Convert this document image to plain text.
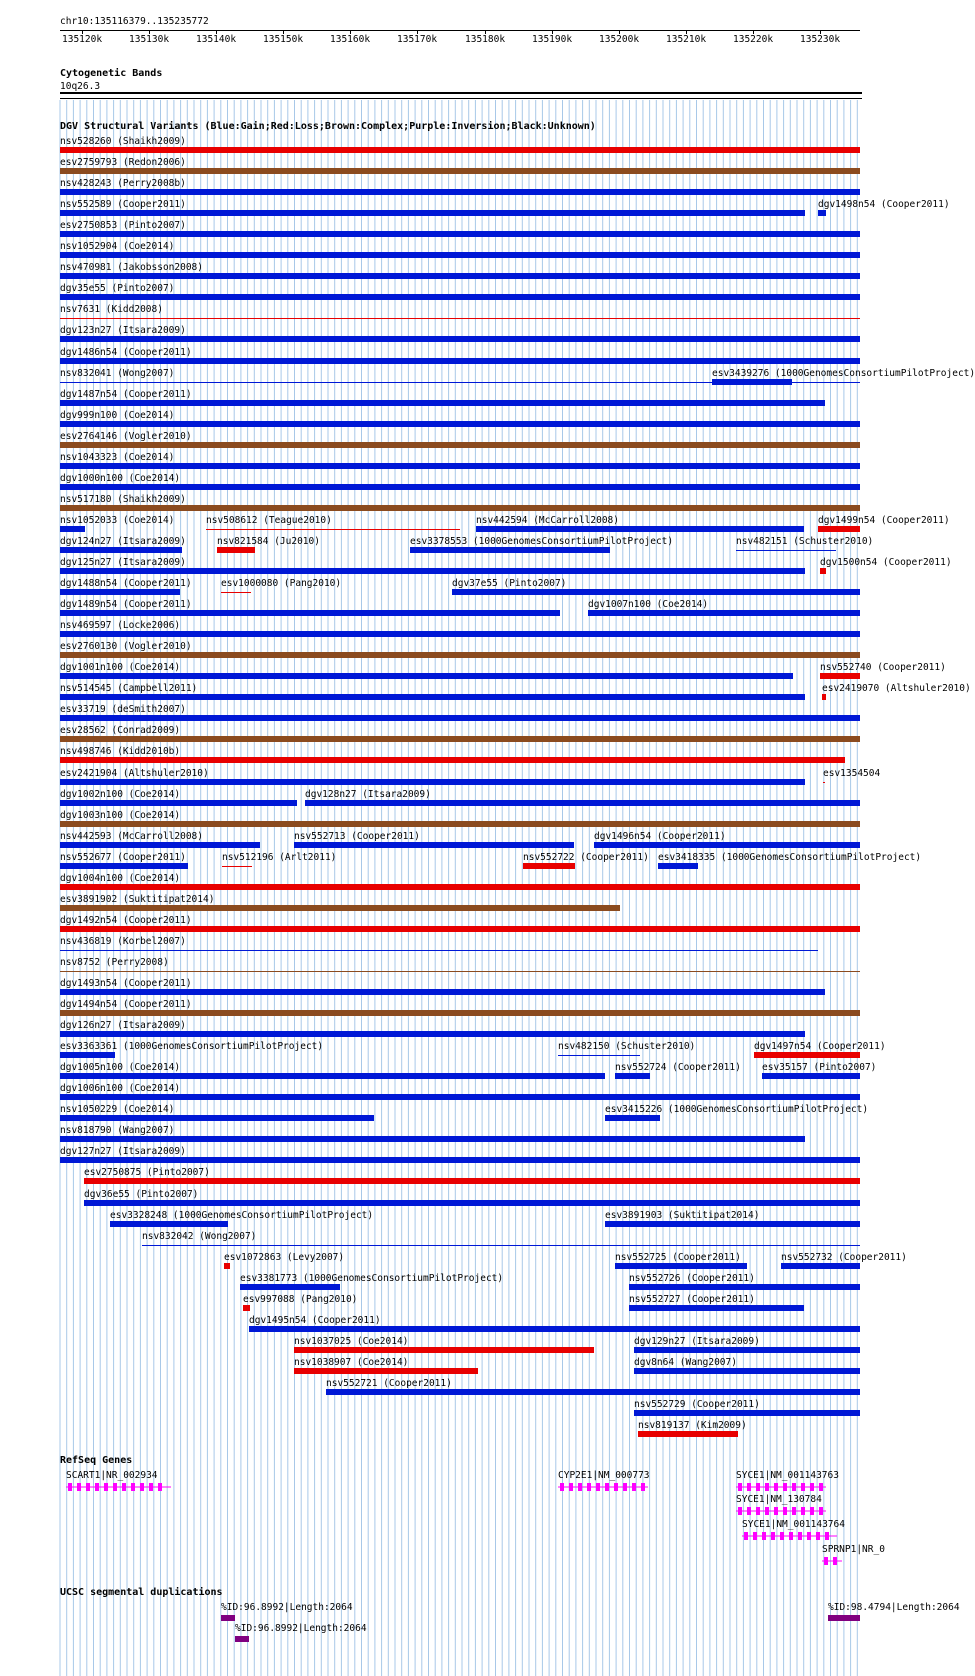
chr10:135116379..135235772
135120k	135130k	135140k	135150k	135160k	135170k	135180k	135190k	135200k	135210k	135220k	135230k
Cytogenetic Bands
10q26.3
DGV Structural Variants (Blue:Gain;Red:Loss;Brown:Complex;Purple:Inversion;Black:Unknown)
nsv528260 (Shaikh2009)
esv2759793 (Redon2006)
nsv428243 (Perry2008b)
nsv552589 (Cooper2011)	dgv1498n54 (Cooper2011)
esv2750853 (Pinto2007)
nsv1052904 (Coe2014)
nsv470981 (Jakobsson2008)
dgv35e55 (Pinto2007)
nsv7631 (Kidd2008)
dgv123n27 (Itsara2009)
dgv1486n54 (Cooper2011)
nsv832041 (Wong2007)	esv3439276 (1000GenomesConsortiumPilotProject)
dgv1487n54 (Cooper2011)
dgv999n100 (Coe2014)
esv2764146 (Vogler2010)
nsv1043323 (Coe2014)
dgv1000n100 (Coe2014)
nsv517180 (Shaikh2009)
nsv1052033 (Coe2014)	nsv508612 (Teague2010)	nsv442594 (McCarroll2008)	dgv1499n54 (Cooper2011)
dgv124n27 (Itsara2009)	nsv821584 (Ju2010)	esv3378553 (1000GenomesConsortiumPilotProject)	nsv482151 (Schuster2010)
dgv125n27 (Itsara2009)	dgv1500n54 (Cooper2011)
dgv1488n54 (Cooper2011)	esv1000080 (Pang2010)	dgv37e55 (Pinto2007)
dgv1489n54 (Cooper2011)	dgv1007n100 (Coe2014)
nsv469597 (Locke2006)
esv2760130 (Vogler2010)
dgv1001n100 (Coe2014)	nsv552740 (Cooper2011)
nsv514545 (Campbell2011)	esv2419070 (Altshuler2010)
esv33719 (deSmith2007)
esv28562 (Conrad2009)
nsv498746 (Kidd2010b)
esv2421904 (Altshuler2010)	esv1354504
dgv1002n100 (Coe2014)	dgv128n27 (Itsara2009)
dgv1003n100 (Coe2014)
nsv442593 (McCarroll2008)	nsv552713 (Cooper2011)	dgv1496n54 (Cooper2011)
nsv552677 (Cooper2011)	nsv512196 (Arlt2011)	nsv552722 (Cooper2011) esv3418335 (1000GenomesConsortiumPilotProject)
dgv1004n100 (Coe2014)
esv3891902 (Suktitipat2014)
dgv1492n54 (Cooper2011)
nsv436819 (Korbel2007)
nsv8752 (Perry2008)
dgv1493n54 (Cooper2011)
dgv1494n54 (Cooper2011)
dgv126n27 (Itsara2009)
esv3363361 (1000GenomesConsortiumPilotProject)	nsv482150 (Schuster2010)	dgv1497n54 (Cooper2011)
dgv1005n100 (Coe2014)	nsv552724 (Cooper2011) esv35157 (Pinto2007)
dgv1006n100 (Coe2014)
nsv1050229 (Coe2014)	esv3415226 (1000GenomesConsortiumPilotProject)
nsv818790 (Wang2007)
dgv127n27 (Itsara2009)
esv2750875 (Pinto2007)
dgv36e55 (Pinto2007)
esv3328248 (1000GenomesConsortiumPilotProject)	esv3891903 (Suktitipat2014)
nsv832042 (Wong2007)
esv1072863 (Levy2007)	nsv552725 (Cooper2011)	nsv552732 (Cooper2011)
esv3381773 (1000GenomesConsortiumPilotProject)	nsv552726 (Cooper2011)
esv997088 (Pang2010)	nsv552727 (Cooper2011)
dgv1495n54 (Cooper2011)
nsv1037025 (Coe2014)	dgv129n27 (Itsara2009)
nsv1038907 (Coe2014)	dgv8n64 (Wang2007)
nsv552721 (Cooper2011)
nsv552729 (Cooper2011)
nsv819137 (Kim2009)
SCART1|NR_002934	CYP2E1|NM_000773	SYCE1|NM_001143763
SYCE1|NM_130784
SYCE1|NM_001143764
SPRNP1|NR_0
%ID:96.8992|Length:2064
%ID:96.8992|Length:2064
%ID:98.4794|Length:2064
RefSeq Genes
UCSC segmental duplications
